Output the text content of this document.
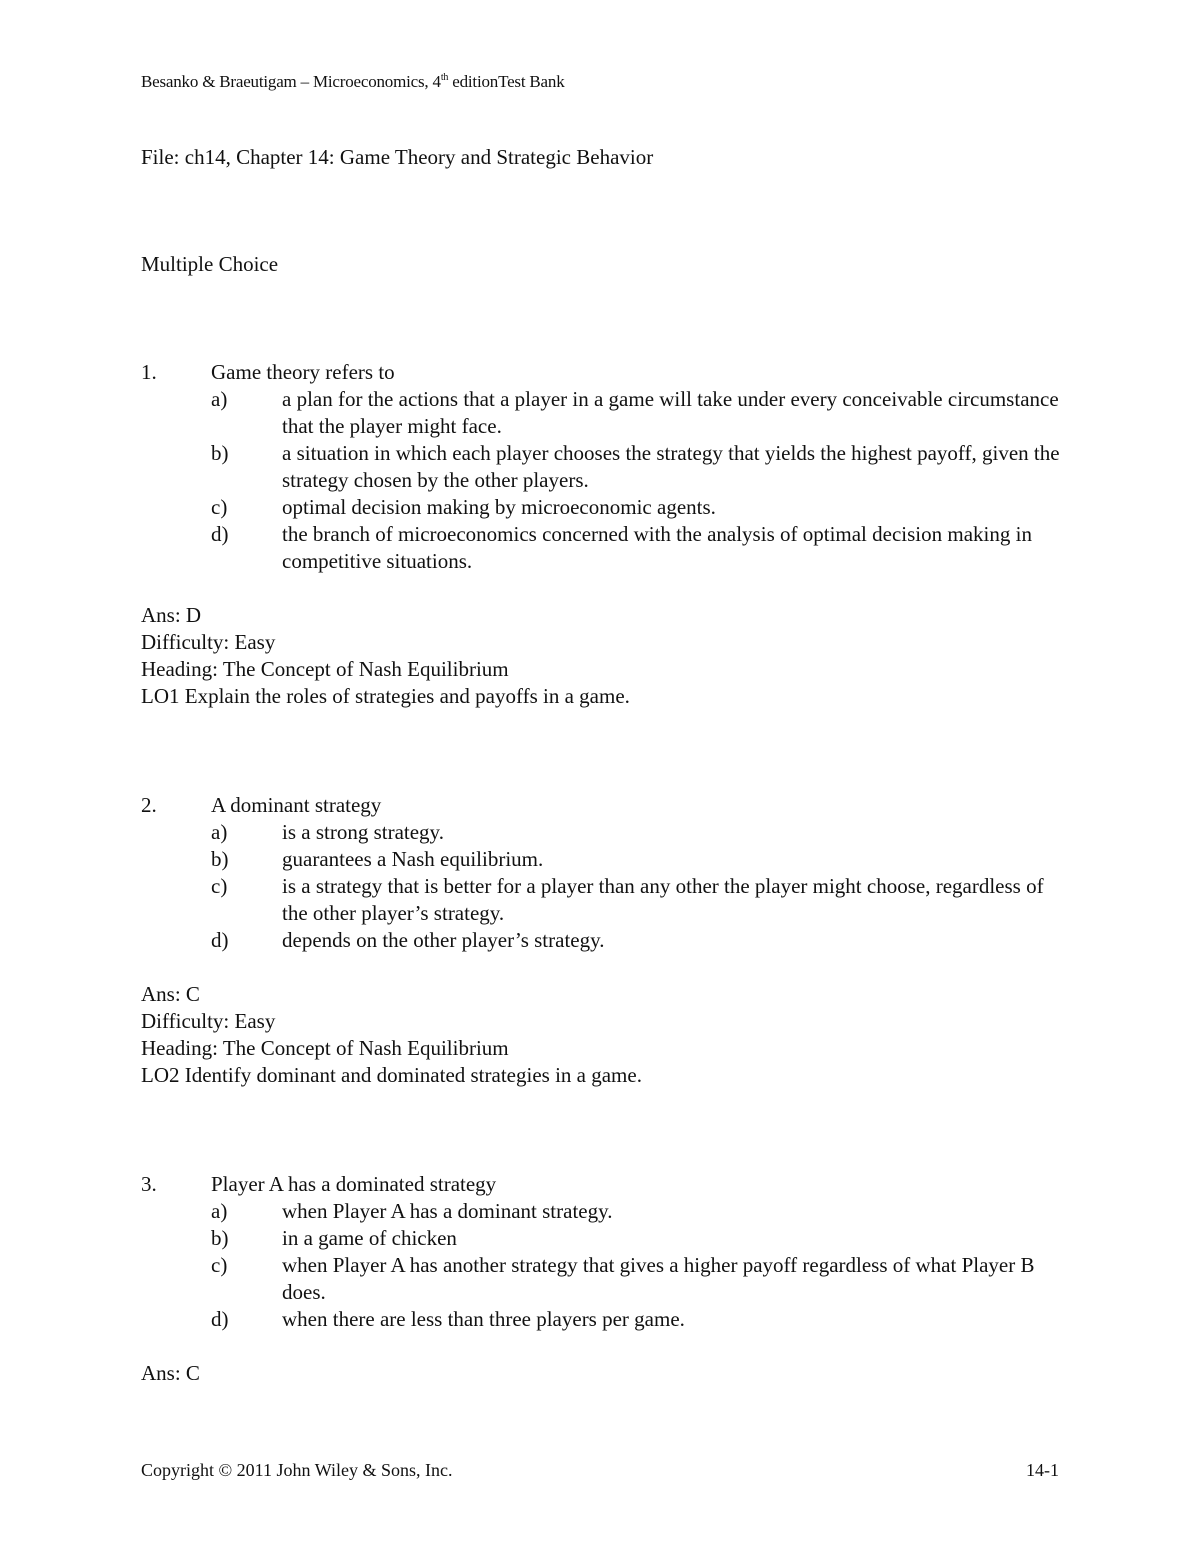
Besanko & Braeutigam – Microeconomics, 4th editionTest Bank
File: ch14, Chapter 14: Game Theory and Strategic Behavior
Multiple Choice
1.	Game theory refers to
a)	a plan for the actions that a player in a game will take under every conceivable circumstance that the player might face.
b)	a situation in which each player chooses the strategy that yields the highest payoff, given the strategy chosen by the other players.
c)	optimal decision making by microeconomic agents.
d)	the branch of microeconomics concerned with the analysis of optimal decision making in competitive situations.
Ans: D
Difficulty: Easy
Heading: The Concept of Nash Equilibrium
LO1 Explain the roles of strategies and payoffs in a game.
2.	A dominant strategy
a)	is a strong strategy.
b)	guarantees a Nash equilibrium.
c)	is a strategy that is better for a player than any other the player might choose, regardless of the other player’s strategy.
d)	depends on the other player’s strategy.
Ans: C
Difficulty: Easy
Heading: The Concept of Nash Equilibrium
LO2 Identify dominant and dominated strategies in a game.
3.	Player A has a dominated strategy
a)	when Player A has a dominant strategy.
b)	in a game of chicken
c)	when Player A has another strategy that gives a higher payoff regardless of what Player B does.
d)	when there are less than three players per game.
Ans: C
Copyright © 2011 John Wiley & Sons, Inc.	14-1
